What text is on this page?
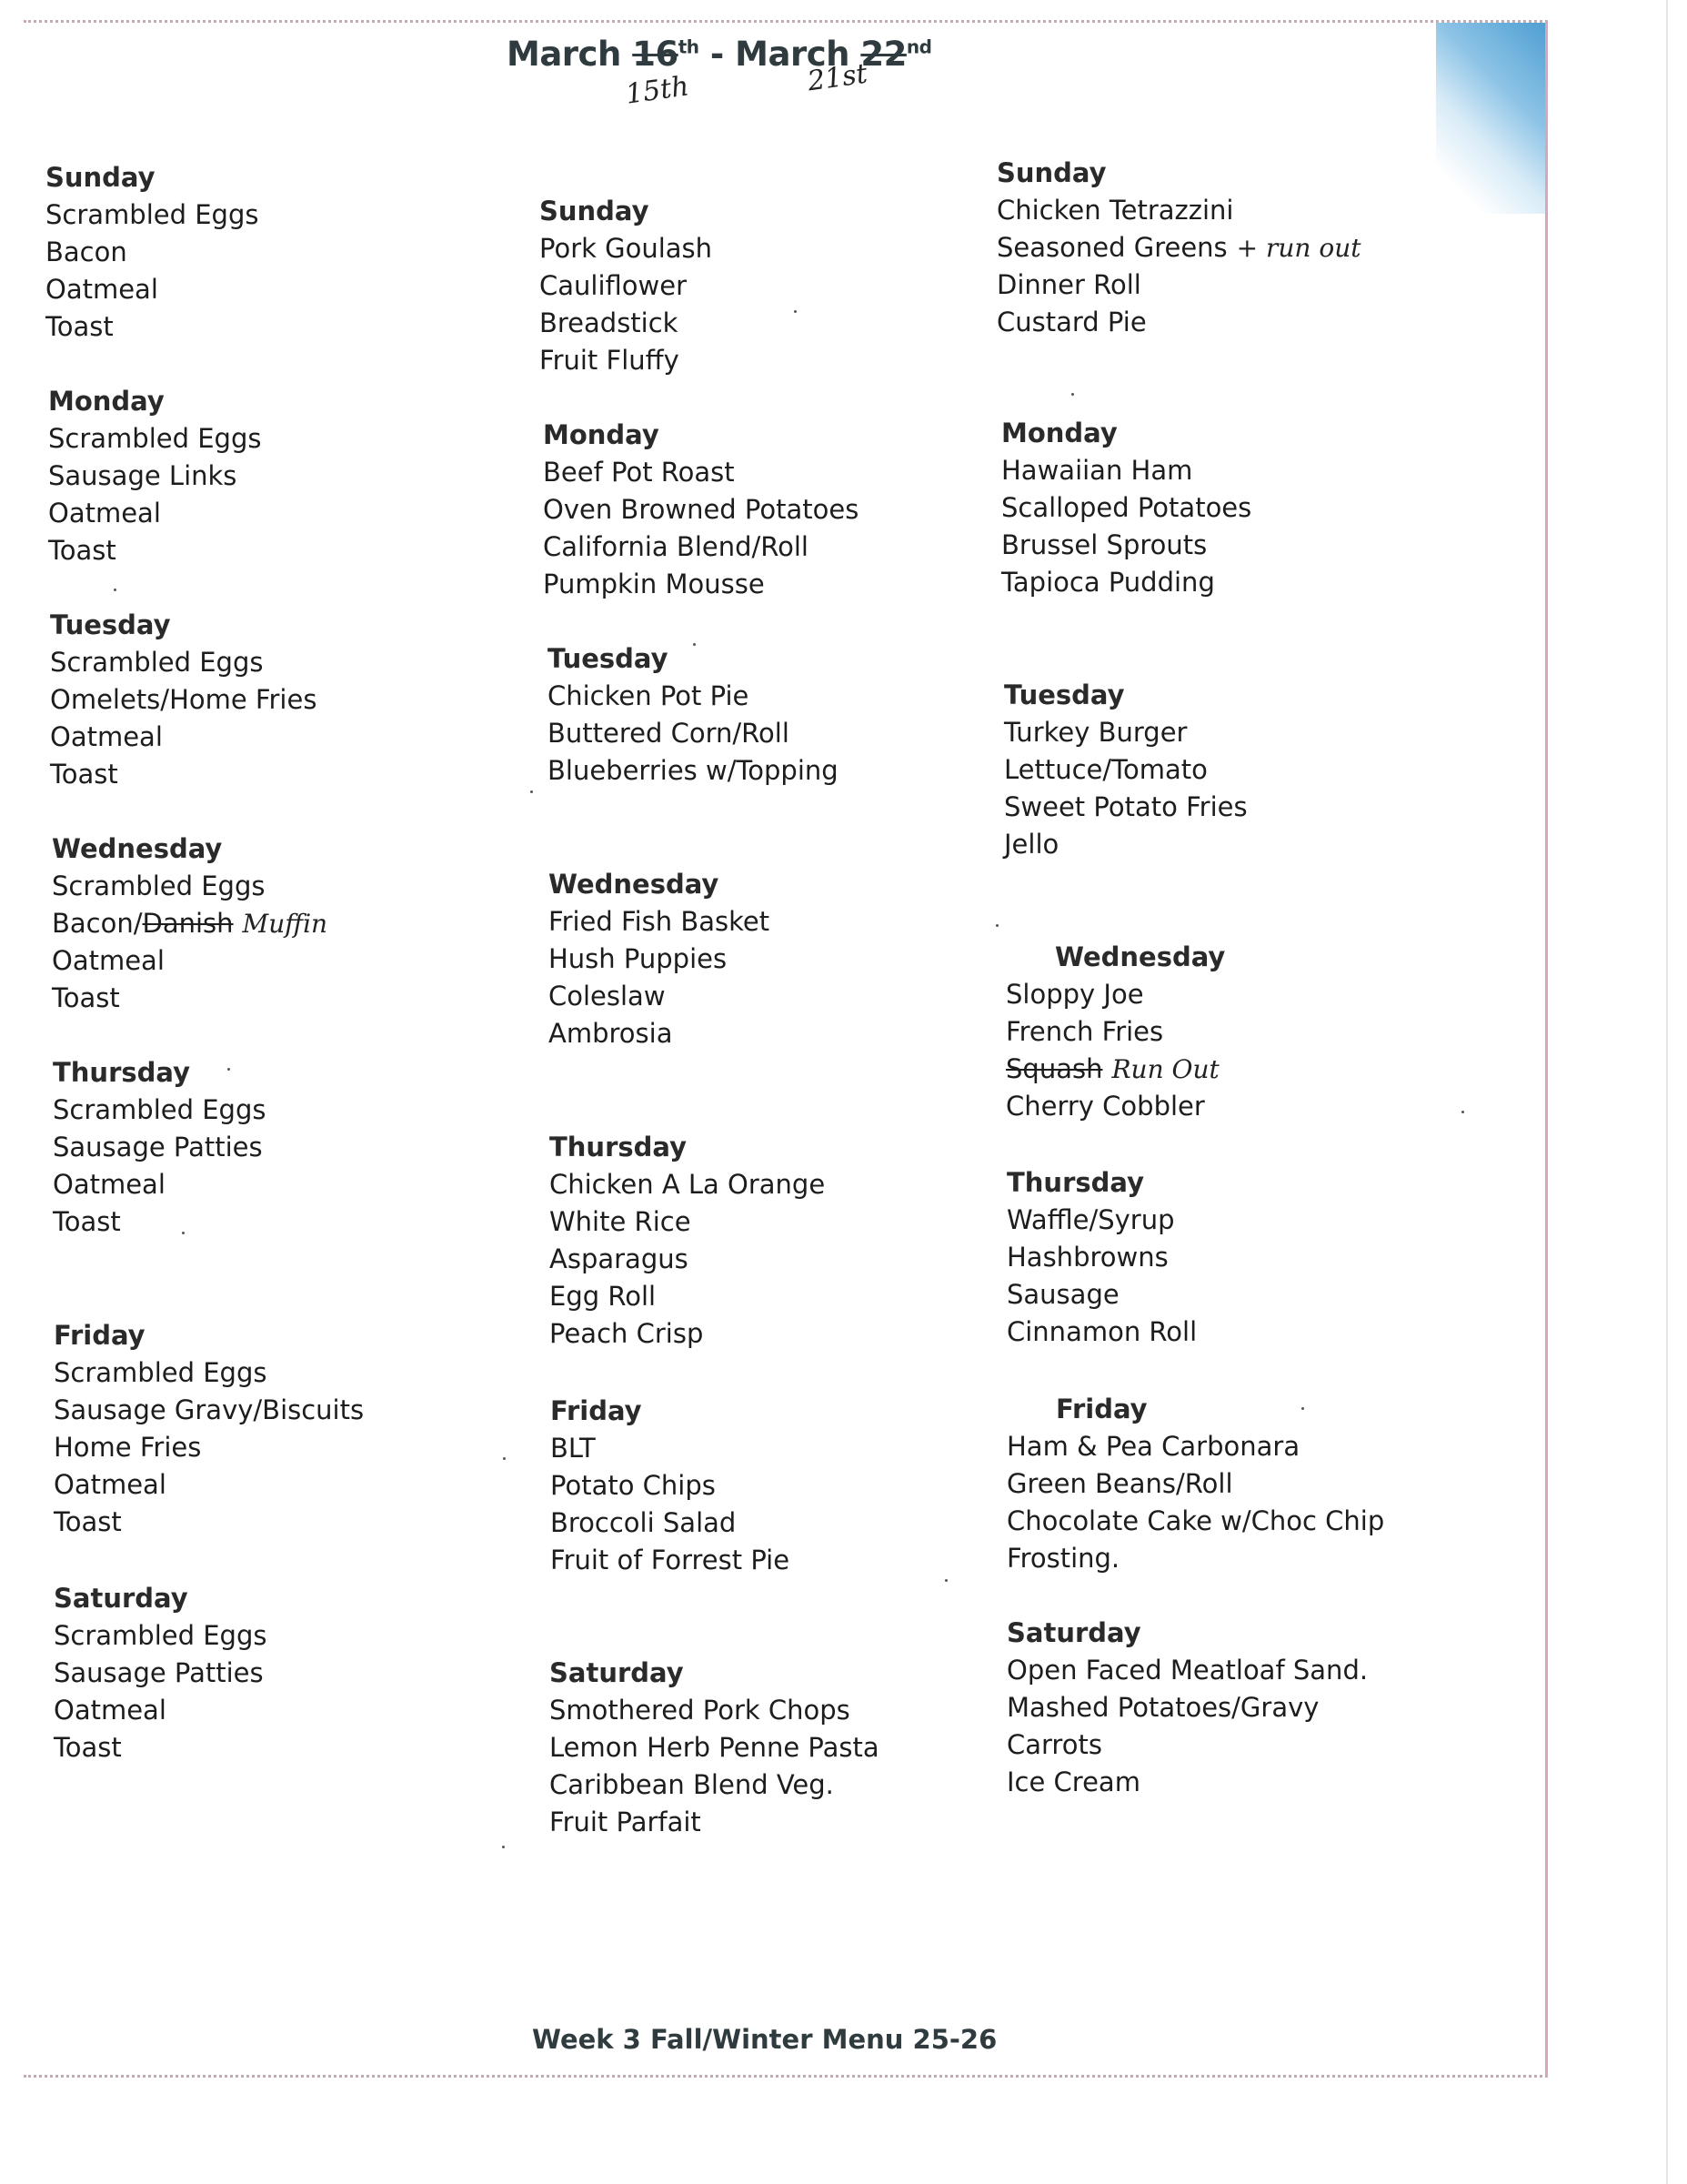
March 16th - March 22nd
15th	21st
Sunday
Scrambled Eggs
Bacon
Oatmeal
Toast
Monday
Scrambled Eggs
Sausage Links
Oatmeal
Toast
Tuesday
Scrambled Eggs
Omelets/Home Fries
Oatmeal
Toast
Wednesday
Scrambled Eggs
Bacon/Danish Muffin
Oatmeal
Toast
Thursday
Scrambled Eggs
Sausage Patties
Oatmeal
Toast
Friday
Scrambled Eggs
Sausage Gravy/Biscuits
Home Fries
Oatmeal
Toast
Saturday
Scrambled Eggs
Sausage Patties
Oatmeal
Toast
Sunday
Pork Goulash
Cauliflower
Breadstick
Fruit Fluffy
Monday
Beef Pot Roast
Oven Browned Potatoes
California Blend/Roll
Pumpkin Mousse
Tuesday
Chicken Pot Pie
Buttered Corn/Roll
Blueberries w/Topping
Wednesday
Fried Fish Basket
Hush Puppies
Coleslaw
Ambrosia
Thursday
Chicken A La Orange
White Rice
Asparagus
Egg Roll
Peach Crisp
Friday
BLT
Potato Chips
Broccoli Salad
Fruit of Forrest Pie
Saturday
Smothered Pork Chops
Lemon Herb Penne Pasta
Caribbean Blend Veg.
Fruit Parfait
Sunday
Chicken Tetrazzini
Seasoned Greens + run out
Dinner Roll
Custard Pie
Monday
Hawaiian Ham
Scalloped Potatoes
Brussel Sprouts
Tapioca Pudding
Tuesday
Turkey Burger
Lettuce/Tomato
Sweet Potato Fries
Jello
Wednesday
Sloppy Joe
French Fries
Squash Run Out
Cherry Cobbler
Thursday
Waffle/Syrup
Hashbrowns
Sausage
Cinnamon Roll
Friday
Ham & Pea Carbonara
Green Beans/Roll
Chocolate Cake w/Choc Chip
Frosting.
Saturday
Open Faced Meatloaf Sand.
Mashed Potatoes/Gravy
Carrots
Ice Cream
Week 3 Fall/Winter Menu 25-26
